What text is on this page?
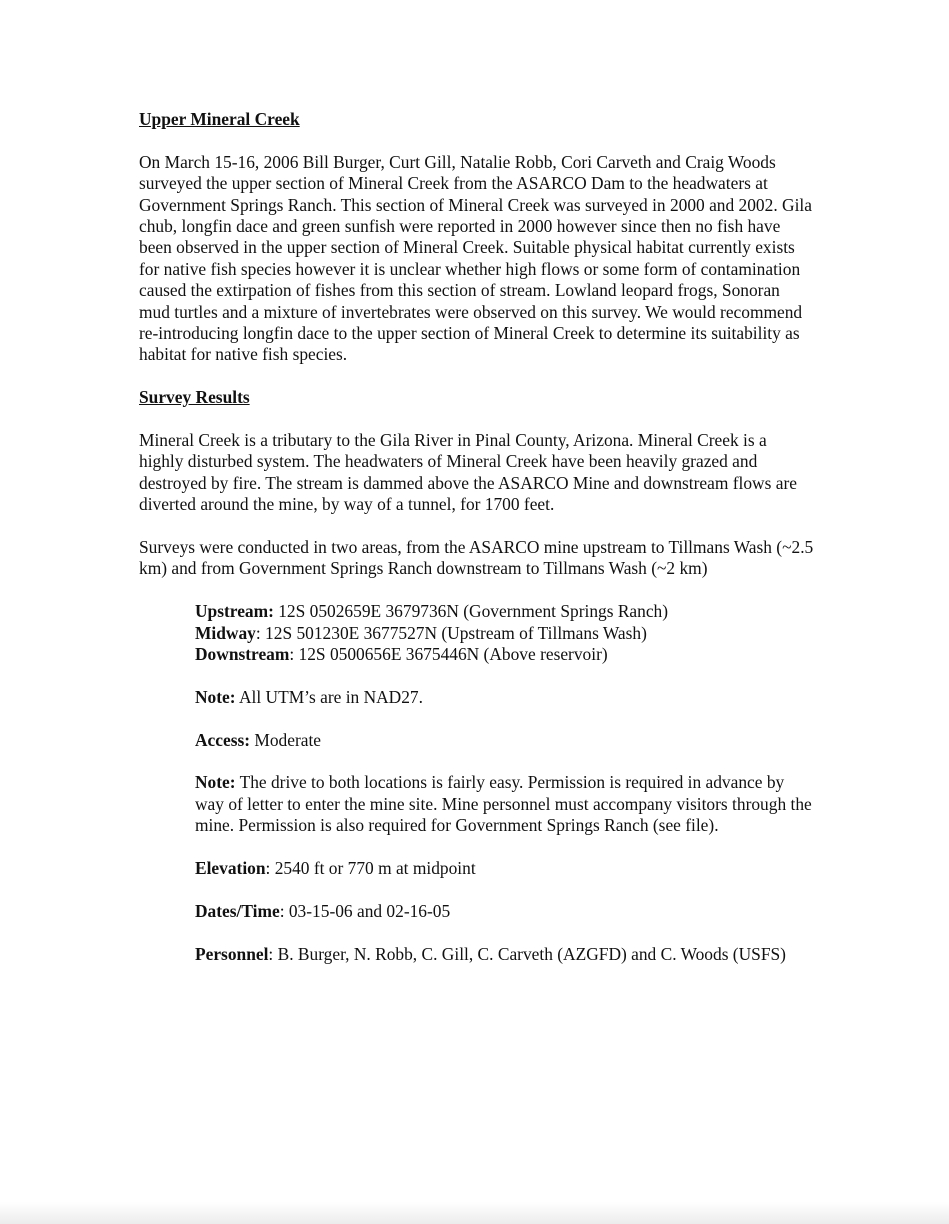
Upper Mineral Creek

On March 15-16, 2006 Bill Burger, Curt Gill, Natalie Robb, Cori Carveth and Craig Woods surveyed the upper section of Mineral Creek from the ASARCO Dam to the headwaters at Government Springs Ranch. This section of Mineral Creek was surveyed in 2000 and 2002. Gila chub, longfin dace and green sunfish were reported in 2000 however since then no fish have been observed in the upper section of Mineral Creek. Suitable physical habitat currently exists for native fish species however it is unclear whether high flows or some form of contamination caused the extirpation of fishes from this section of stream. Lowland leopard frogs, Sonoran mud turtles and a mixture of invertebrates were observed on this survey. We would recommend re-introducing longfin dace to the upper section of Mineral Creek to determine its suitability as habitat for native fish species.

Survey Results

Mineral Creek is a tributary to the Gila River in Pinal County, Arizona. Mineral Creek is a highly disturbed system. The headwaters of Mineral Creek have been heavily grazed and destroyed by fire. The stream is dammed above the ASARCO Mine and downstream flows are diverted around the mine, by way of a tunnel, for 1700 feet.

Surveys were conducted in two areas, from the ASARCO mine upstream to Tillmans Wash (~2.5 km) and from Government Springs Ranch downstream to Tillmans Wash (~2 km)

Upstream: 12S 0502659E 3679736N (Government Springs Ranch)

Midway: 12S 501230E 3677527N (Upstream of Tillmans Wash)

Downstream: 12S 0500656E 3675446N (Above reservoir)

Note: All UTM’s are in NAD27.

Access: Moderate

Note: The drive to both locations is fairly easy. Permission is required in advance by way of letter to enter the mine site. Mine personnel must accompany visitors through the mine. Permission is also required for Government Springs Ranch (see file).

Elevation: 2540 ft or 770 m at midpoint

Dates/Time: 03-15-06 and 02-16-05

Personnel: B. Burger, N. Robb, C. Gill, C. Carveth (AZGFD) and C. Woods (USFS)
